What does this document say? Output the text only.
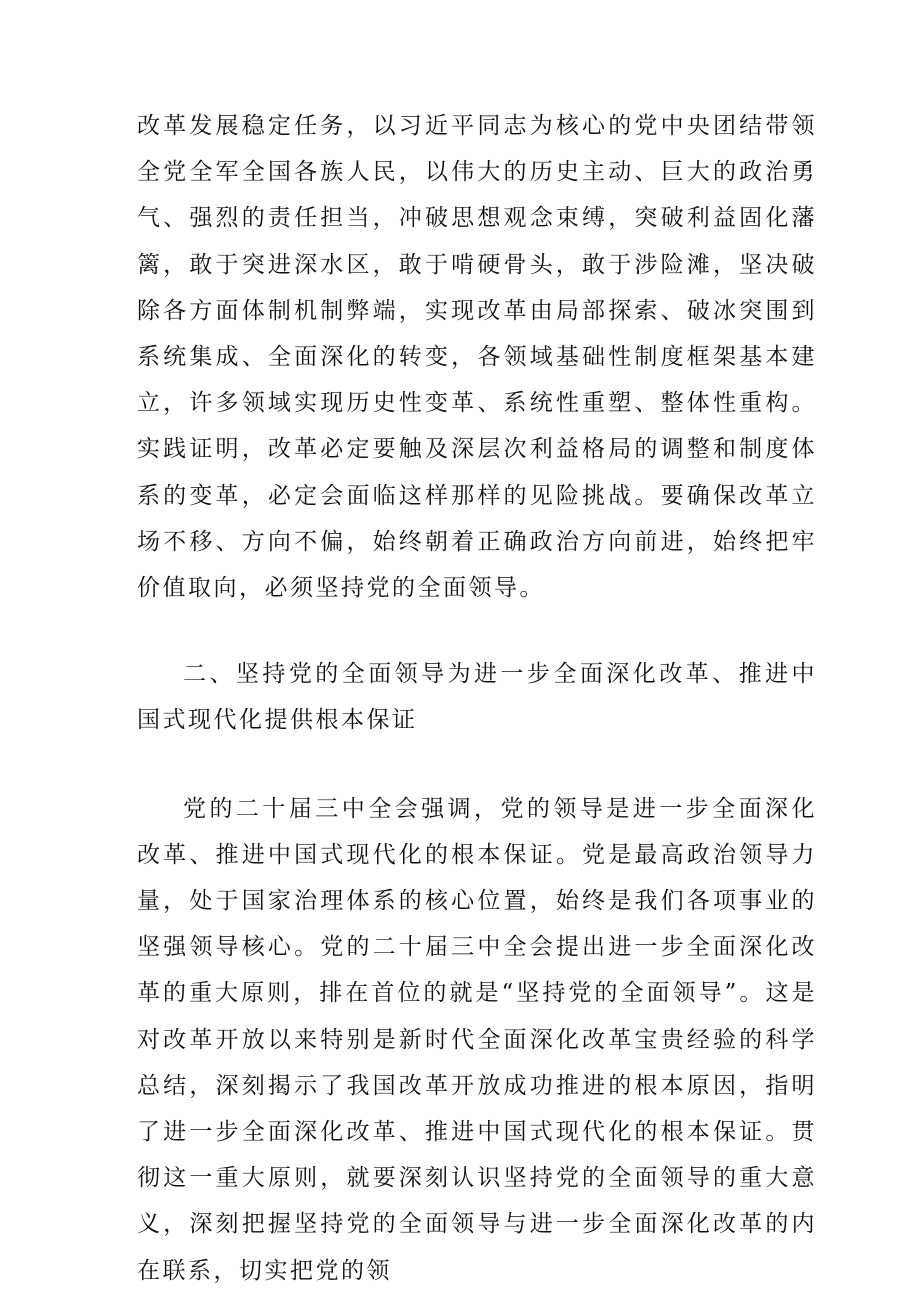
改革发展稳定任务，以习近平同志为核心的党中央团结带领全党全军全国各族人民，以伟大的历史主动、巨大的政治勇气、强烈的责任担当，冲破思想观念束缚，突破利益固化藩篱，敢于突进深水区，敢于啃硬骨头，敢于涉险滩，坚决破除各方面体制机制弊端，实现改革由局部探索、破冰突围到系统集成、全面深化的转变，各领域基础性制度框架基本建立，许多领域实现历史性变革、系统性重塑、整体性重构。实践证明，改革必定要触及深层次利益格局的调整和制度体系的变革，必定会面临这样那样的见险挑战。要确保改革立场不移、方向不偏，始终朝着正确政治方向前进，始终把牢价值取向，必须坚持党的全面领导。

二、坚持党的全面领导为进一步全面深化改革、推进中国式现代化提供根本保证

党的二十届三中全会强调，党的领导是进一步全面深化改革、推进中国式现代化的根本保证。党是最高政治领导力量，处于国家治理体系的核心位置，始终是我们各项事业的坚强领导核心。党的二十届三中全会提出进一步全面深化改革的重大原则，排在首位的就是“坚持党的全面领导”。这是对改革开放以来特别是新时代全面深化改革宝贵经验的科学总结，深刻揭示了我国改革开放成功推进的根本原因，指明了进一步全面深化改革、推进中国式现代化的根本保证。贯彻这一重大原则，就要深刻认识坚持党的全面领导的重大意义，深刻把握坚持党的全面领导与进一步全面深化改革的内在联系，切实把党的领
